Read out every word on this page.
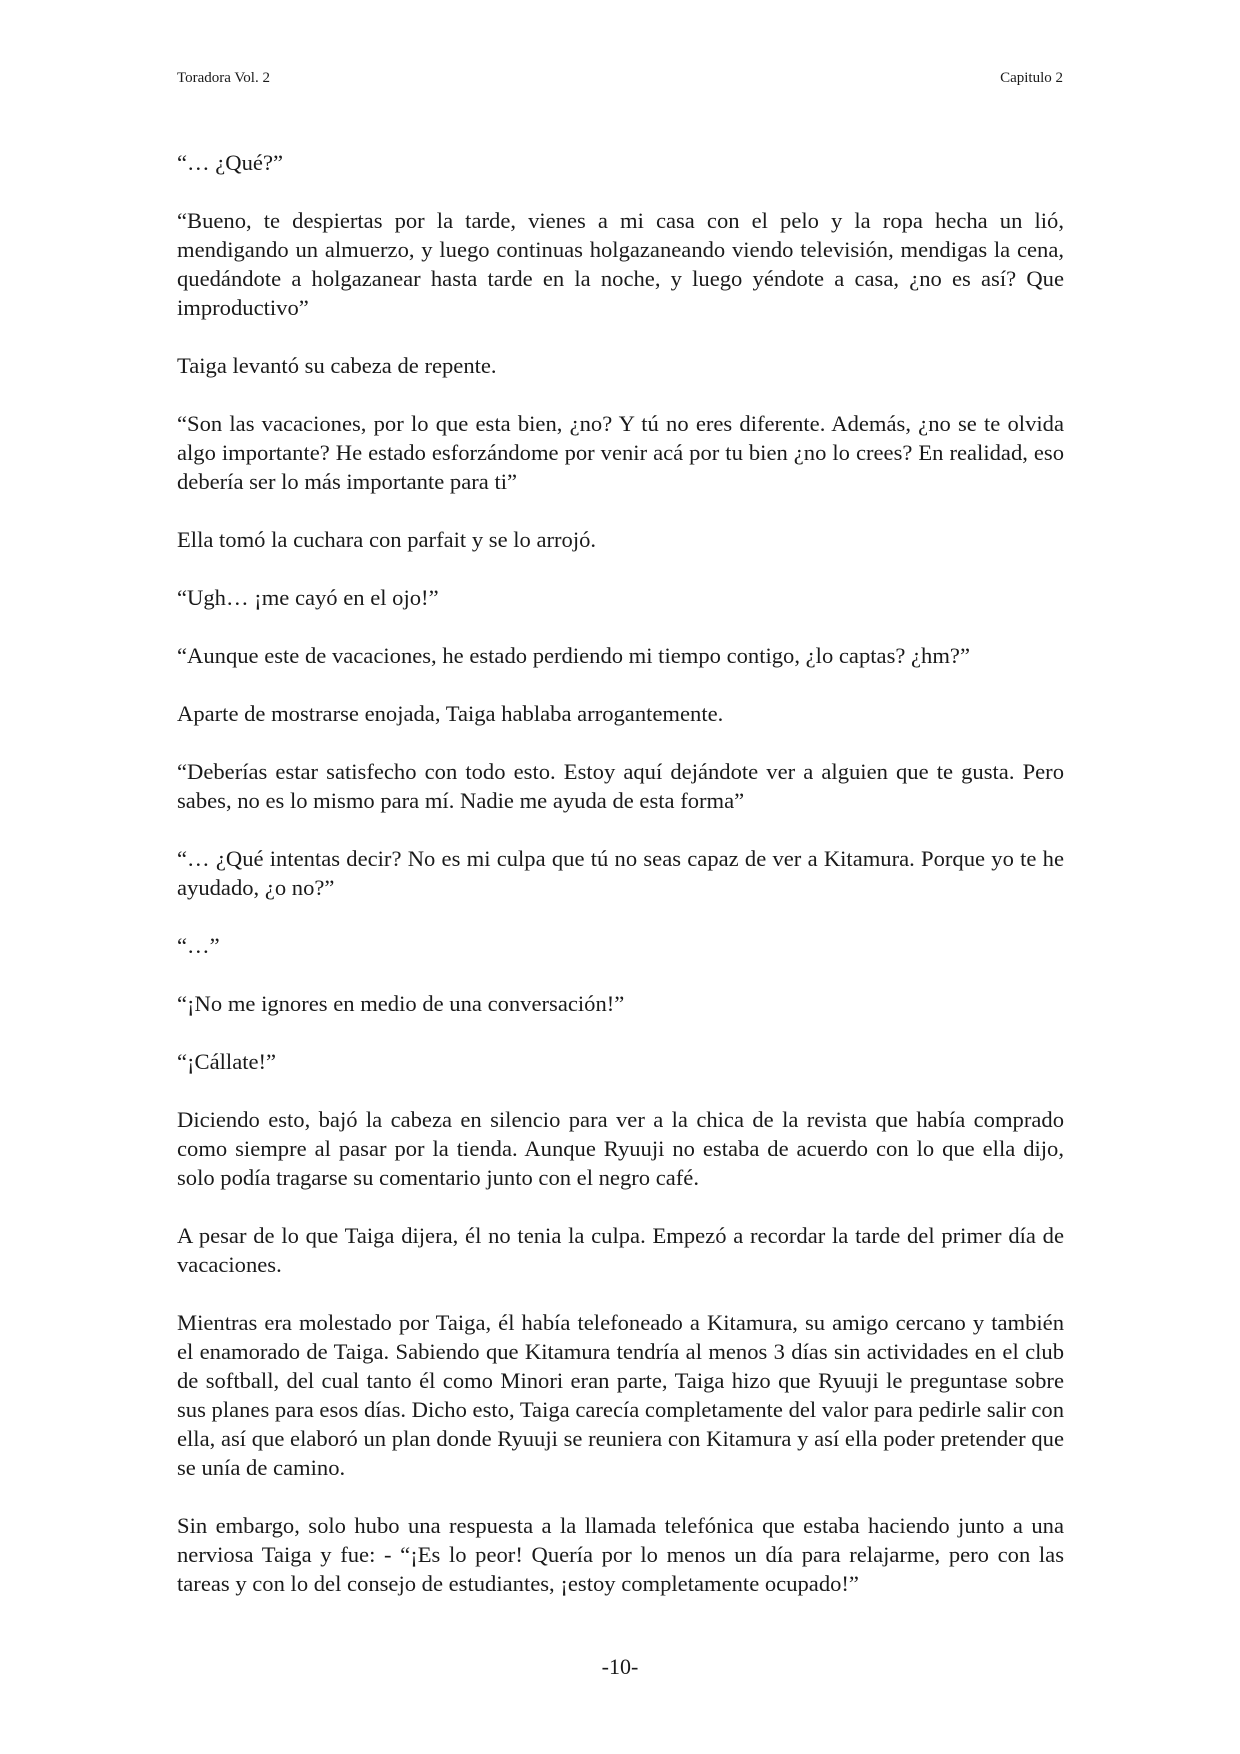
Toradora Vol. 2	Capitulo 2

“… ¿Qué?”

“Bueno, te despiertas por la tarde, vienes a mi casa con el pelo y la ropa hecha un lió, mendigando un almuerzo, y luego continuas holgazaneando viendo televisión, mendigas la cena, quedándote a holgazanear hasta tarde en la noche, y luego yéndote a casa, ¿no es así? Que improductivo”

Taiga levantó su cabeza de repente.

“Son las vacaciones, por lo que esta bien, ¿no? Y tú no eres diferente. Además, ¿no se te olvida algo importante? He estado esforzándome por venir acá por tu bien ¿no lo crees? En realidad, eso debería ser lo más importante para ti”

Ella tomó la cuchara con parfait y se lo arrojó.

“Ugh… ¡me cayó en el ojo!”

“Aunque este de vacaciones, he estado perdiendo mi tiempo contigo, ¿lo captas? ¿hm?”

Aparte de mostrarse enojada, Taiga hablaba arrogantemente.

“Deberías estar satisfecho con todo esto. Estoy aquí dejándote ver a alguien que te gusta. Pero sabes, no es lo mismo para mí. Nadie me ayuda de esta forma”

“… ¿Qué intentas decir? No es mi culpa que tú no seas capaz de ver a Kitamura. Porque yo te he ayudado, ¿o no?”

“…”

“¡No me ignores en medio de una conversación!”

“¡Cállate!”

Diciendo esto, bajó la cabeza en silencio para ver a la chica de la revista que había comprado como siempre al pasar por la tienda. Aunque Ryuuji no estaba de acuerdo con lo que ella dijo, solo podía tragarse su comentario junto con el negro café.

A pesar de lo que Taiga dijera, él no tenia la culpa. Empezó a recordar la tarde del primer día de vacaciones.

Mientras era molestado por Taiga, él había telefoneado a Kitamura, su amigo cercano y también el enamorado de Taiga. Sabiendo que Kitamura tendría al menos 3 días sin actividades en el club de softball, del cual tanto él como Minori eran parte, Taiga hizo que Ryuuji le preguntase sobre sus planes para esos días. Dicho esto, Taiga carecía completamente del valor para pedirle salir con ella, así que elaboró un plan donde Ryuuji se reuniera con Kitamura y así ella poder pretender que se unía de camino.

Sin embargo, solo hubo una respuesta a la llamada telefónica que estaba haciendo junto a una nerviosa Taiga y fue: - “¡Es lo peor! Quería por lo menos un día para relajarme, pero con las tareas y con lo del consejo de estudiantes, ¡estoy completamente ocupado!”

-10-
